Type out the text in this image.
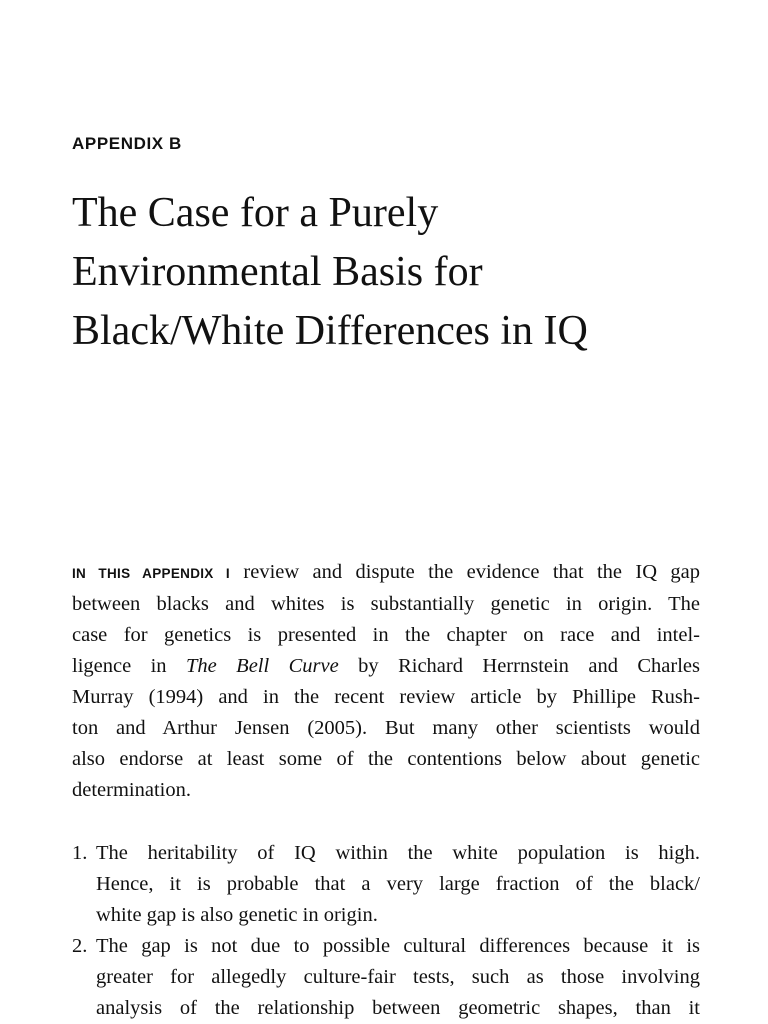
APPENDIX B
The Case for a Purely
Environmental Basis for
Black/White Differences in IQ

IN THIS APPENDIX I review and dispute the evidence that the IQ gap
between blacks and whites is substantially genetic in origin. The
case for genetics is presented in the chapter on race and intel-
ligence in The Bell Curve by Richard Herrnstein and Charles
Murray (1994) and in the recent review article by Phillipe Rush-
ton and Arthur Jensen (2005). But many other scientists would
also endorse at least some of the contentions below about genetic
determination.

1. The heritability of IQ within the white population is high.
Hence, it is probable that a very large fraction of the black/
white gap is also genetic in origin.
2. The gap is not due to possible cultural differences because it is
greater for allegedly culture-fair tests, such as those involving
analysis of the relationship between geometric shapes, than it
